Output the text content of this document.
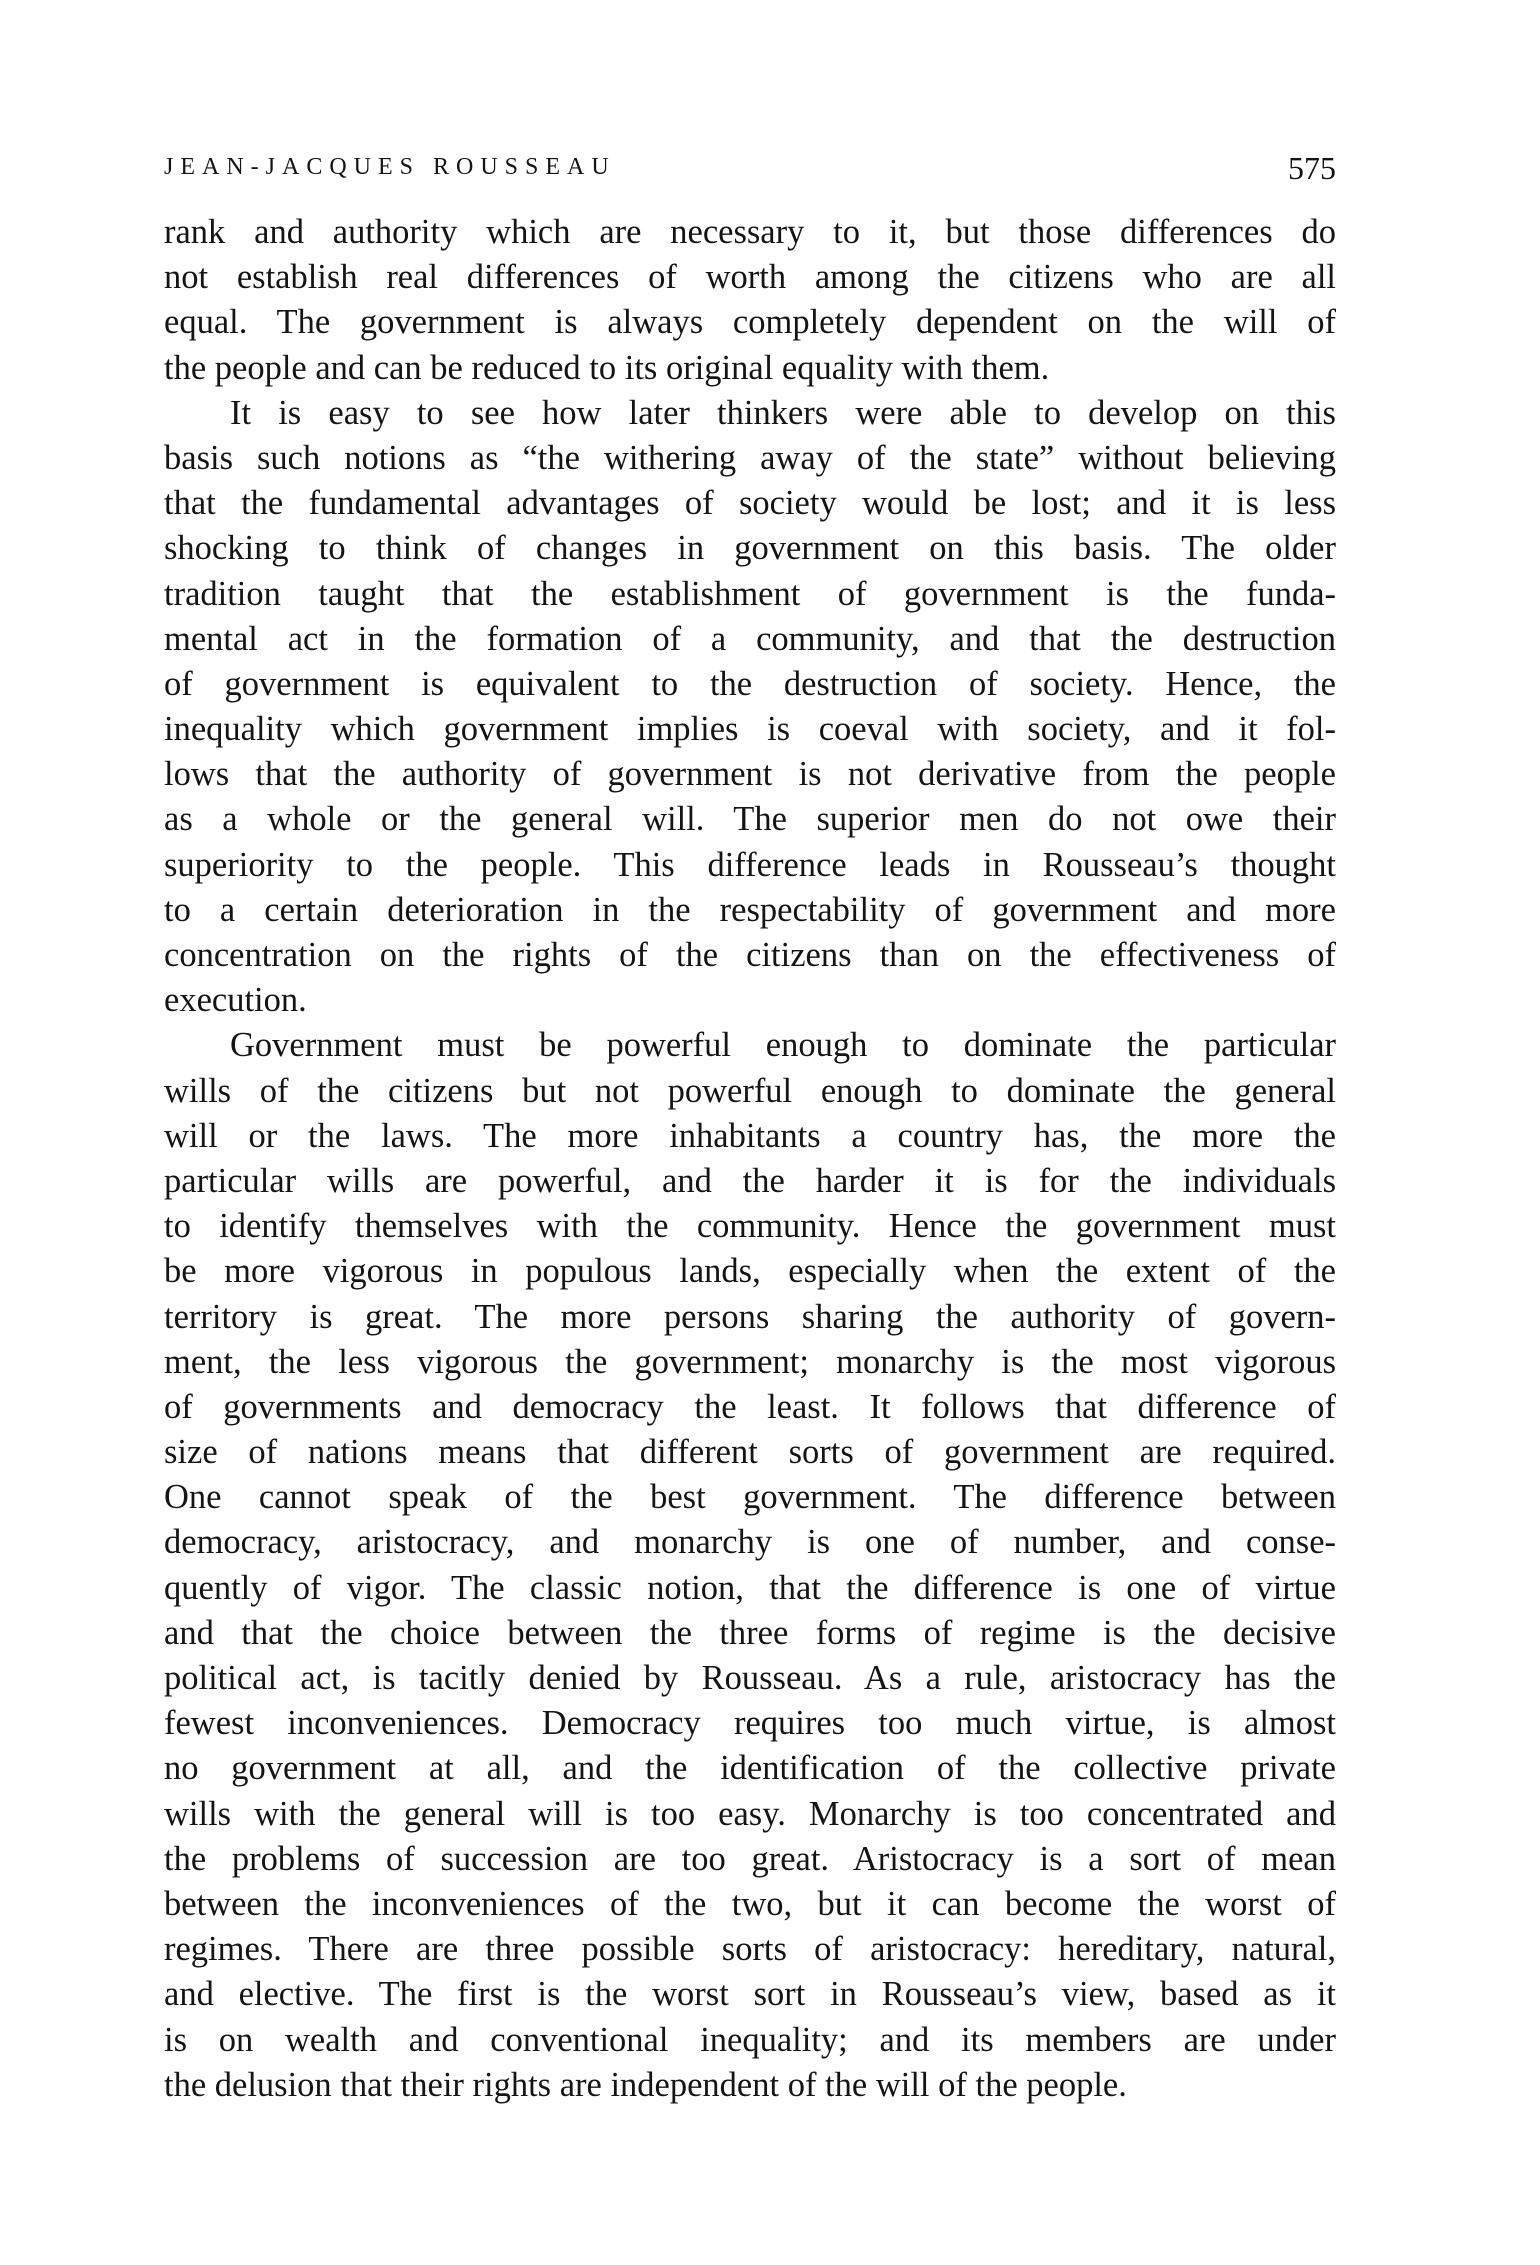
JEAN-JACQUES ROUSSEAU	575
rank and authority which are necessary to it, but those differences do
not establish real differences of worth among the citizens who are all
equal. The government is always completely dependent on the will of
the people and can be reduced to its original equality with them.
It is easy to see how later thinkers were able to develop on this
basis such notions as “the withering away of the state” without believing
that the fundamental advantages of society would be lost; and it is less
shocking to think of changes in government on this basis. The older
tradition taught that the establishment of government is the funda-
mental act in the formation of a community, and that the destruction
of government is equivalent to the destruction of society. Hence, the
inequality which government implies is coeval with society, and it fol-
lows that the authority of government is not derivative from the people
as a whole or the general will. The superior men do not owe their
superiority to the people. This difference leads in Rousseau’s thought
to a certain deterioration in the respectability of government and more
concentration on the rights of the citizens than on the effectiveness of
execution.
Government must be powerful enough to dominate the particular
wills of the citizens but not powerful enough to dominate the general
will or the laws. The more inhabitants a country has, the more the
particular wills are powerful, and the harder it is for the individuals
to identify themselves with the community. Hence the government must
be more vigorous in populous lands, especially when the extent of the
territory is great. The more persons sharing the authority of govern-
ment, the less vigorous the government; monarchy is the most vigorous
of governments and democracy the least. It follows that difference of
size of nations means that different sorts of government are required.
One cannot speak of the best government. The difference between
democracy, aristocracy, and monarchy is one of number, and conse-
quently of vigor. The classic notion, that the difference is one of virtue
and that the choice between the three forms of regime is the decisive
political act, is tacitly denied by Rousseau. As a rule, aristocracy has the
fewest inconveniences. Democracy requires too much virtue, is almost
no government at all, and the identification of the collective private
wills with the general will is too easy. Monarchy is too concentrated and
the problems of succession are too great. Aristocracy is a sort of mean
between the inconveniences of the two, but it can become the worst of
regimes. There are three possible sorts of aristocracy: hereditary, natural,
and elective. The first is the worst sort in Rousseau’s view, based as it
is on wealth and conventional inequality; and its members are under
the delusion that their rights are independent of the will of the people.
